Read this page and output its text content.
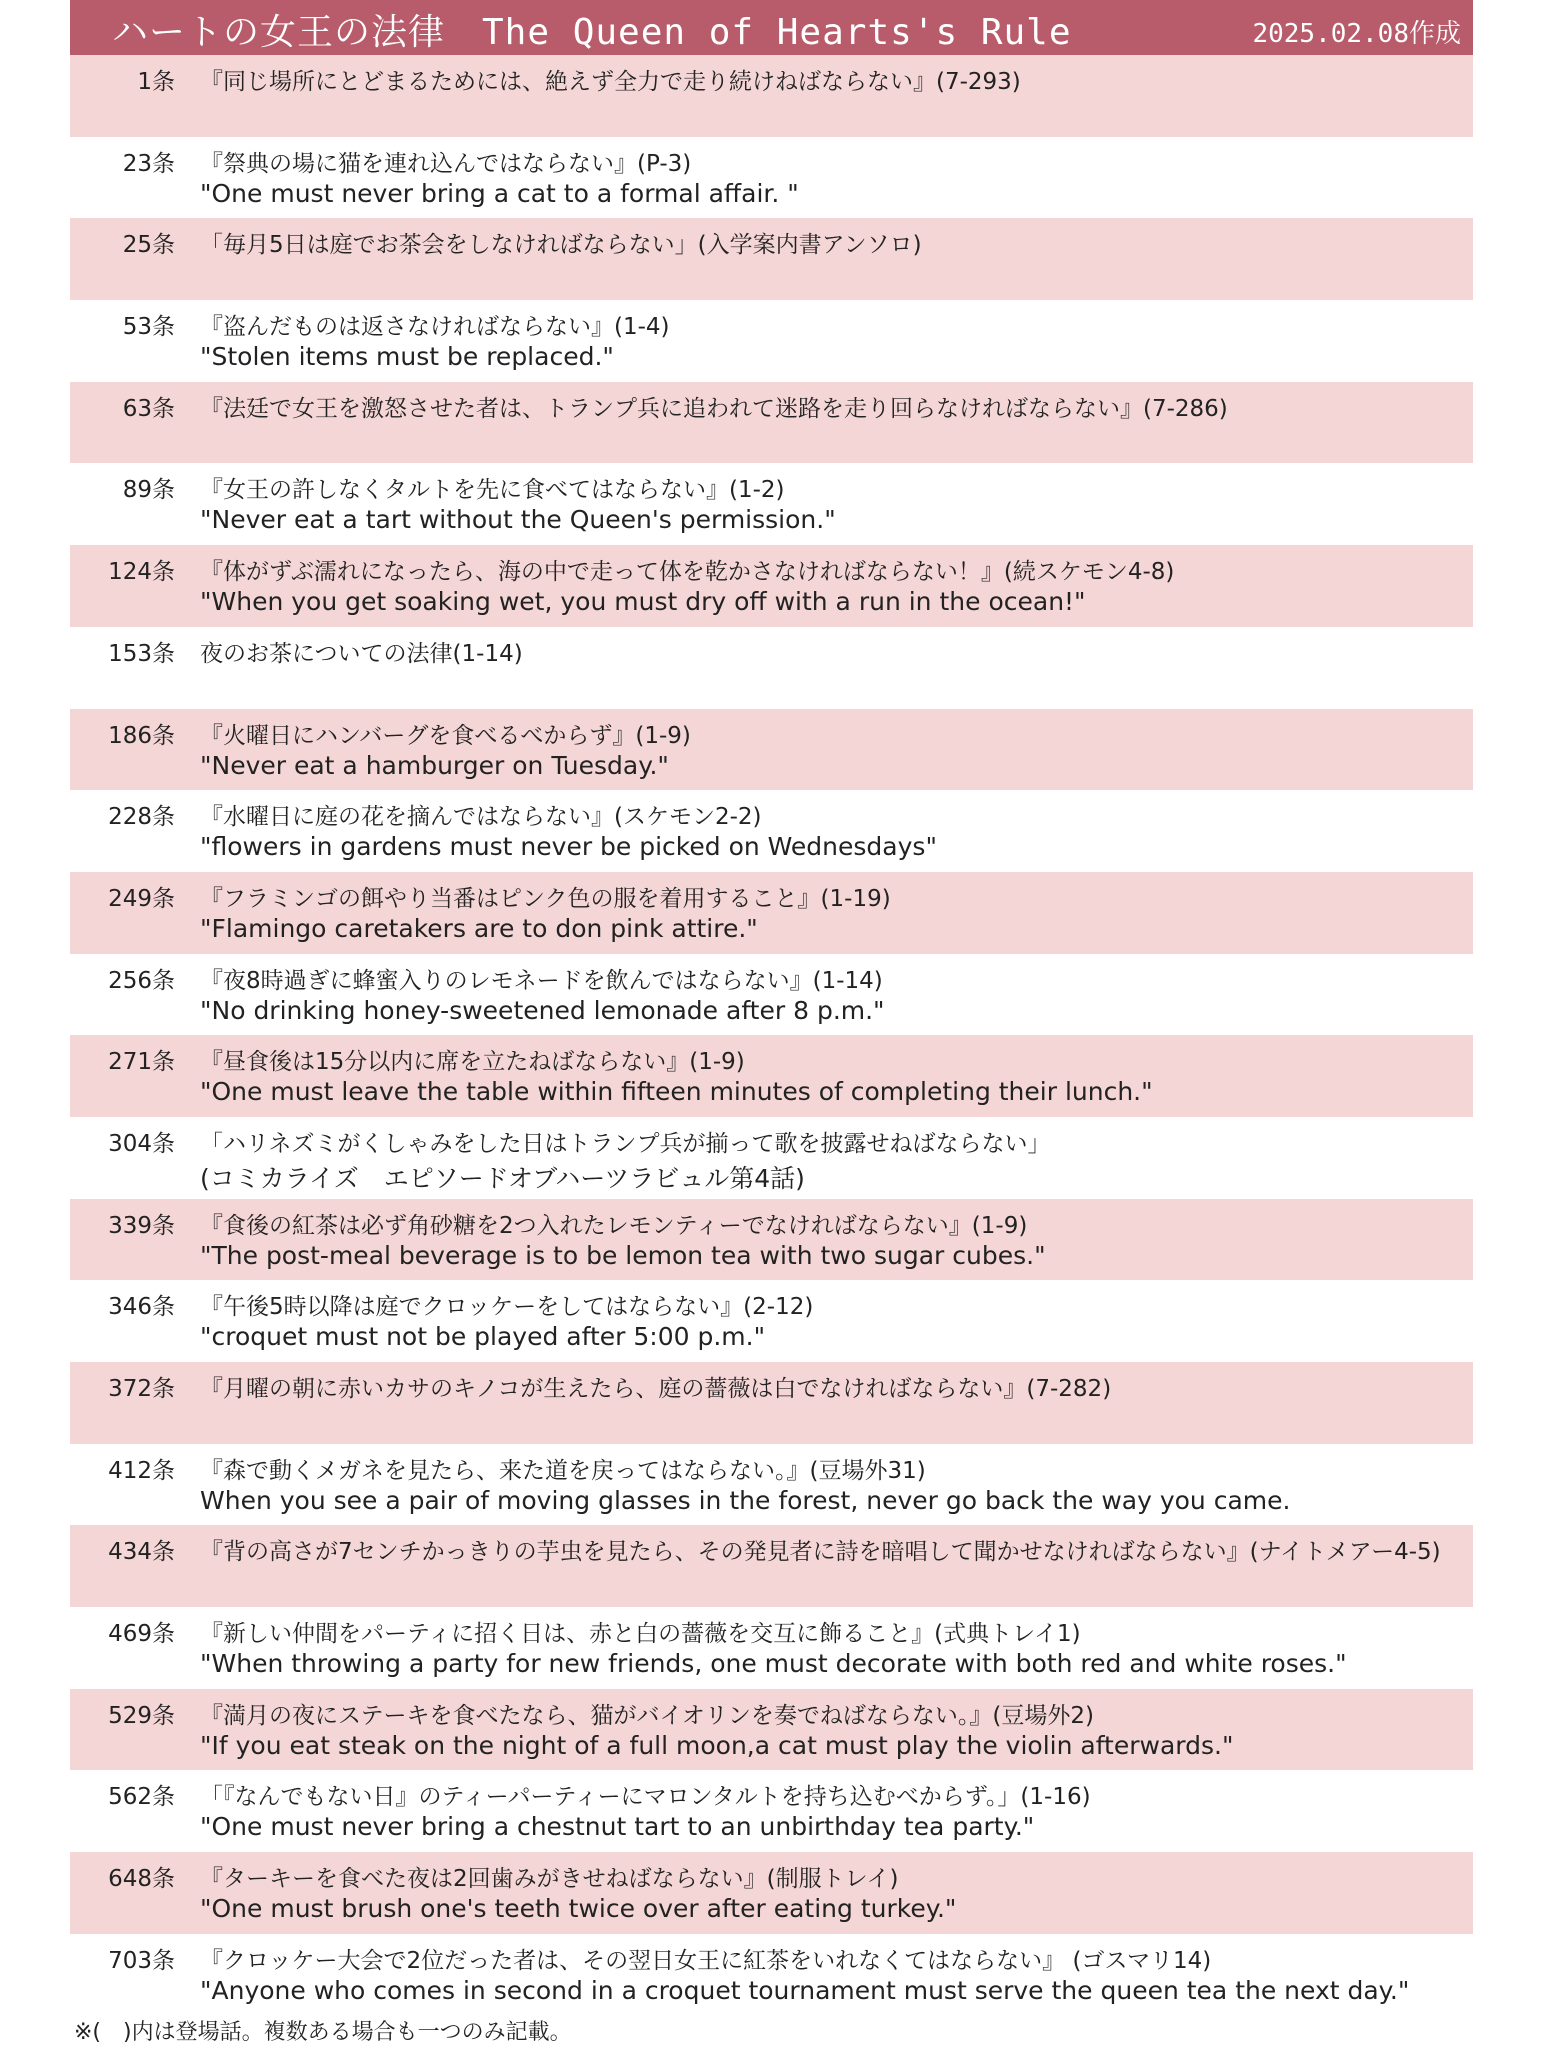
ハートの女王の法律　The Queen of Hearts's Rule	2025.02.08作成
1条 『同じ場所にとどまるためには、絶えず全力で走り続けねばならない』(7-293)
23条 『祭典の場に猫を連れ込んではならない』(P-3)
"One must never bring a cat to a formal affair. "
25条 「毎月5日は庭でお茶会をしなければならない」(入学案内書アンソロ)
53条 『盗んだものは返さなければならない』(1-4)
"Stolen items must be replaced."
63条 『法廷で女王を激怒させた者は、トランプ兵に追われて迷路を走り回らなければならない』(7-286)
89条 『女王の許しなくタルトを先に食べてはならない』(1-2)
"Never eat a tart without the Queen's permission."
124条 『体がずぶ濡れになったら、海の中で走って体を乾かさなければならない！』(続スケモン4-8)
"When you get soaking wet, you must dry off with a run in the ocean!"
153条 夜のお茶についての法律(1-14)
186条 『火曜日にハンバーグを食べるべからず』(1-9)
"Never eat a hamburger on Tuesday."
228条 『水曜日に庭の花を摘んではならない』(スケモン2-2)
"flowers in gardens must never be picked on Wednesdays"
249条 『フラミンゴの餌やり当番はピンク色の服を着用すること』(1-19)
"Flamingo caretakers are to don pink attire."
256条 『夜8時過ぎに蜂蜜入りのレモネードを飲んではならない』(1-14)
"No drinking honey-sweetened lemonade after 8 p.m."
271条 『昼食後は15分以内に席を立たねばならない』(1-9)
"One must leave the table within fifteen minutes of completing their lunch."
304条 「ハリネズミがくしゃみをした日はトランプ兵が揃って歌を披露せねばならない」
(コミカライズ　エピソードオブハーツラビュル第4話)
339条 『食後の紅茶は必ず角砂糖を2つ入れたレモンティーでなければならない』(1-9)
"The post-meal beverage is to be lemon tea with two sugar cubes."
346条 『午後5時以降は庭でクロッケーをしてはならない』(2-12)
"croquet must not be played after 5:00 p.m."
372条 『月曜の朝に赤いカサのキノコが生えたら、庭の薔薇は白でなければならない』(7-282)
412条 『森で動くメガネを見たら、来た道を戻ってはならない。』(豆場外31)
When you see a pair of moving glasses in the forest, never go back the way you came.
434条 『背の高さが7センチかっきりの芋虫を見たら、その発見者に詩を暗唱して聞かせなければならない』(ナイトメアー4-5)
469条 『新しい仲間をパーティに招く日は、赤と白の薔薇を交互に飾ること』(式典トレイ1)
"When throwing a party for new friends, one must decorate with both red and white roses."
529条 『満月の夜にステーキを食べたなら、猫がバイオリンを奏でねばならない。』(豆場外2)
"If you eat steak on the night of a full moon,a cat must play the violin afterwards."
562条 「『なんでもない日』のティーパーティーにマロンタルトを持ち込むべからず。」(1-16)
"One must never bring a chestnut tart to an unbirthday tea party."
648条 『ターキーを食べた夜は2回歯みがきせねばならない』(制服トレイ)
"One must brush one's teeth twice over after eating turkey."
703条 『クロッケー大会で2位だった者は、その翌日女王に紅茶をいれなくてはならない』 (ゴスマリ14)
"Anyone who comes in second in a croquet tournament must serve the queen tea the next day."
※(　)内は登場話。複数ある場合も一つのみ記載。
